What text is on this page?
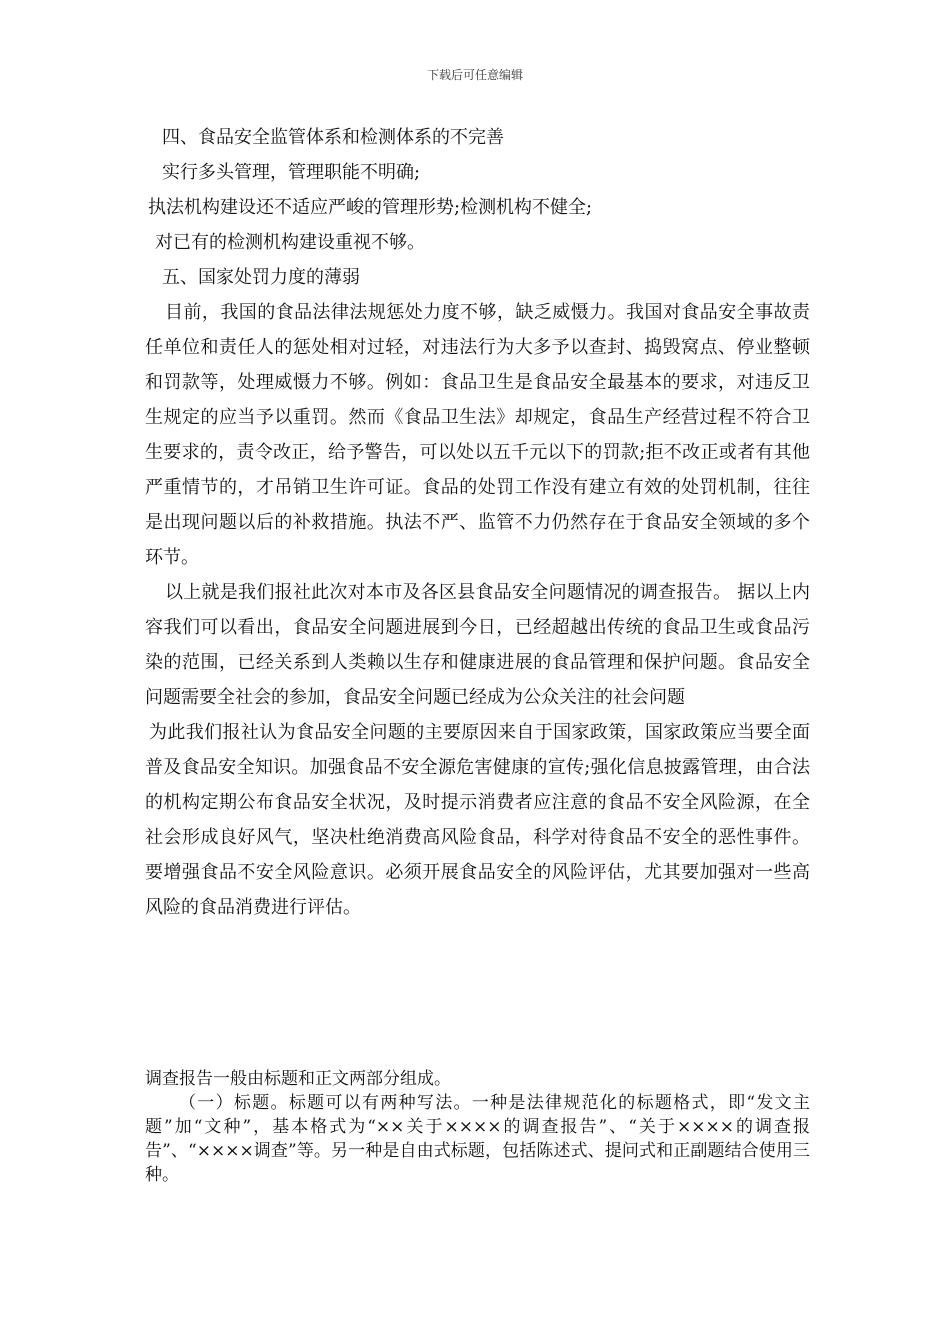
下载后可任意编辑

四、食品安全监管体系和检测体系的不完善

实行多头管理，管理职能不明确;

执法机构建设还不适应严峻的管理形势;检测机构不健全;

对已有的检测机构建设重视不够。

五、国家处罚力度的薄弱

目前，我国的食品法律法规惩处力度不够，缺乏威慑力。我国对食品安全事故责任单位和责任人的惩处相对过轻，对违法行为大多予以查封、捣毁窝点、停业整顿和罚款等，处理威慑力不够。例如：食品卫生是食品安全最基本的要求，对违反卫生规定的应当予以重罚。然而《食品卫生法》却规定，食品生产经营过程不符合卫生要求的，责令改正，给予警告，可以处以五千元以下的罚款;拒不改正或者有其他严重情节的，才吊销卫生许可证。食品的处罚工作没有建立有效的处罚机制，往往是出现问题以后的补救措施。执法不严、监管不力仍然存在于食品安全领域的多个环节。

以上就是我们报社此次对本市及各区县食品安全问题情况的调查报告。 据以上内容我们可以看出，食品安全问题进展到今日，已经超越出传统的食品卫生或食品污染的范围，已经关系到人类赖以生存和健康进展的食品管理和保护问题。食品安全问题需要全社会的参加，食品安全问题已经成为公众关注的社会问题

为此我们报社认为食品安全问题的主要原因来自于国家政策，国家政策应当要全面普及食品安全知识。加强食品不安全源危害健康的宣传;强化信息披露管理，由合法的机构定期公布食品安全状况，及时提示消费者应注意的食品不安全风险源，在全社会形成良好风气，坚决杜绝消费高风险食品，科学对待食品不安全的恶性事件。要增强食品不安全风险意识。必须开展食品安全的风险评估，尤其要加强对一些高风险的食品消费进行评估。

调查报告一般由标题和正文两部分组成。

（一）标题。标题可以有两种写法。一种是法律规范化的标题格式，即“发文主题”加“文种”，基本格式为“××关于××××的调查报告”、“关于××××的调查报告”、“××××调查”等。另一种是自由式标题，包括陈述式、提问式和正副题结合使用三种。
